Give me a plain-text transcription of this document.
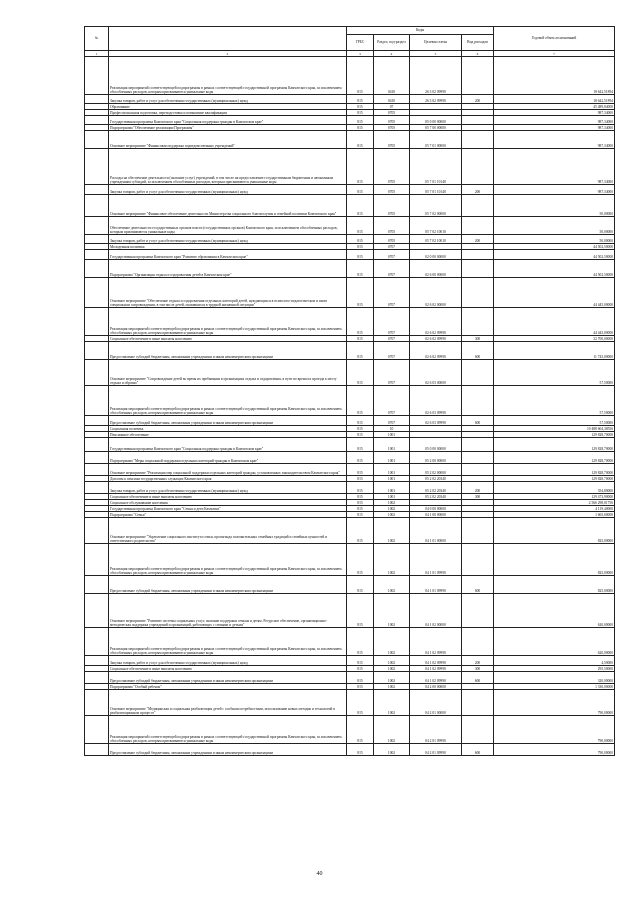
№		Коды				Годовой объем ассигнований
		ГРБС	Раздел, под-раздел	Целевая статья	Вид расходов	
1	2	3	4	5	6	7
	Реализация мероприятий соответствующей подпрограммы в рамках соответствующей государственной программы Камчатского края, за исключением обособленных расходов, которым присваиваются уникальные коды	815	0410	26 3 02 09990		18 642,51894
	Закупка товаров, работ и услуг для обеспечения государственных (муниципальных) нужд	815	0410	26 3 02 09990	200	18 642,51894
	Образование	815	07			45 489,84000
	Профессиональная подготовка, переподготовка и повышение квалификации	815	0705			987,34000
	Государственная программа Камчатского края "Социальная поддержка граждан в Камчатском крае"	815	0705	05 0 00 00000		987,34000
	Подпрограмма "Обеспечение реализации Программы"	815	0705	05 7 00 00000		987,34000
	Основное мероприятие "Финансовая поддержка подведомственных учреждений"	815	0705	05 7 01 00000		987,34000
	Расходы на обеспечение деятельности (оказание услуг) учреждений, в том числе на предоставление государственным бюджетным и автономным учреждениям субсидий, за исключением обособленных расходов, которым присваиваются уникальные коды	815	0705	05 7 01 10140		987,34000
	Закупка товаров, работ и услуг для обеспечения государственных (муниципальных) нужд	815	0705	05 7 01 10140	200	987,34000
	Основное мероприятие "Финансовое обеспечение деятельности Министерства социального благополучия и семейной политики Камчатского края"	815	0705	05 7 02 00000		50,00000
	Обеспечение деятельности государственных органов власти (государственных органов) Камчатского края, за исключением обособленных расходов, которым присваиваются уникальные коды	815	0705	05 7 02 10010		50,00000
	Закупка товаров, работ и услуг для обеспечения государственных (муниципальных) нужд	815	0705	05 7 02 10010	200	50,00000
	Молодежная политика	815	0707			44 502,50000
	Государственная программа Камчатского края "Развитие образования в Камчатском крае"	815	0707	02 0 00 00000		44 502,50000
	Подпрограмма "Организация отдыха и оздоровления детей в Камчатском крае"	815	0707	02 6 00 00000		44 502,50000
	Основное мероприятие "Обеспечение отдыха и оздоровления отдельных категорий детей, нуждающихся в психолого-педагогическом и ином специальном сопровождении, в том числе детей, оказавшихся в трудной жизненной ситуации"	815	0707	02 6 02 00000		44 445,00000
	Реализация мероприятий соответствующей подпрограммы в рамках соответствующей государственной программы Камчатского края, за исключением обособленных расходов, которым присваиваются уникальные коды	815	0707	02 6 02 09990		44 445,00000
	Социальное обеспечение и иные выплаты населению	815	0707	02 6 02 09990	300	32 700,00000
	Предоставление субсидий бюджетным, автономным учреждениям и иным некоммерческим организациям	815	0707	02 6 02 09990	600	11 745,00000
	Основное мероприятие "Сопровождение детей во время их пребывания в организациях отдыха и оздоровления, в пути во время их проезда к месту отдыха и обратно"	815	0707	02 6 03 00000		57,50000
	Реализация мероприятий соответствующей подпрограммы в рамках соответствующей государственной программы Камчатского края, за исключением обособленных расходов, которым присваиваются уникальные коды	815	0707	02 6 03 09990		57,50000
	Предоставление субсидий бюджетным, автономным учреждениям и иным некоммерческим организациям	815	0707	02 6 03 09990	600	57,50000
	Социальная политика	815	10			10 488 604,38556
	Пенсионное обеспечение	815	1001			129 828,70000
	Государственная программа Камчатского края "Социальная поддержка граждан в Камчатском крае"	815	1001	05 0 00 00000		129 828,70000
	Подпрограмма "Меры социальной поддержки отдельных категорий граждан в Камчатском крае"	815	1001	05 2 00 00000		129 828,70000
	Основное мероприятие "Реализация мер социальной поддержки отдельных категорий граждан, установленных законодательством Камчатского края"	815	1001	05 2 02 00000		129 828,70000
	Доплаты к пенсиям государственных служащих Камчатского края	815	1001	05 2 02 20340		129 828,70000
	Закупка товаров, работ и услуг для обеспечения государственных (муниципальных) нужд	815	1001	05 2 02 20340	200	354,80000
	Социальное обеспечение и иные выплаты населению	815	1001	05 2 02 20340	300	129 473,90000
	Социальное обслуживание населения	815	1002			2 566 298,01756
	Государственная программа Камчатского края "Семья и дети Камчатки"	815	1002	04 0 00 00000		4 119,40000
	Подпрограмма "Семья"	815	1002	04 1 00 00000		1 665,00000
	Основное мероприятие "Укрепление социального института семьи, пропаганда положительных семейных традиций и семейных ценностей и ответственного родительства"	815	1002	04 1 01 00000		825,00000
	Реализация мероприятий соответствующей подпрограммы в рамках соответствующей государственной программы Камчатского края, за исключением обособленных расходов, которым присваиваются уникальные коды	815	1002	04 1 01 09990		825,00000
	Предоставление субсидий бюджетным, автономным учреждениям и иным некоммерческим организациям	815	1002	04 1 01 09990	600	825,00000
	Основное мероприятие "Развитие системы социальных услуг, оказание поддержки семьям и детям. Ресурсное обеспечение, организационно-методическая поддержка учреждений и организаций, работающих с семьями и детьми"	815	1002	04 1 02 00000		620,00000
	Реализация мероприятий соответствующей подпрограммы в рамках соответствующей государственной программы Камчатского края, за исключением обособленных расходов, которым присваиваются уникальные коды	815	1002	04 1 02 09990		620,00000
	Закупка товаров, работ и услуг для обеспечения государственных (муниципальных) нужд	815	1002	04 1 02 09990	200	4,50000
	Социальное обеспечение и иные выплаты населению	815	1002	04 1 02 09990	300	295,50000
	Предоставление субсидий бюджетным, автономным учреждениям и иным некоммерческим организациям	815	1002	04 1 02 09990	600	320,00000
	Подпрограмма "Особый ребенок"	815	1002	04 2 00 00000		1 330,00000
	Основное мероприятие "Медицинская и социальная реабилитация детей с особыми потребностями, использование новых методик и технологий в реабилитационном процессе"	815	1002	04 2 01 00000		790,00000
	Реализация мероприятий соответствующей подпрограммы в рамках соответствующей государственной программы Камчатского края, за исключением обособленных расходов, которым присваиваются уникальные коды	815	1002	04 2 01 09990		790,00000
	Предоставление субсидий бюджетным, автономным учреждениям и иным некоммерческим организациям	815	1002	04 2 01 09990	600	790,00000
40
